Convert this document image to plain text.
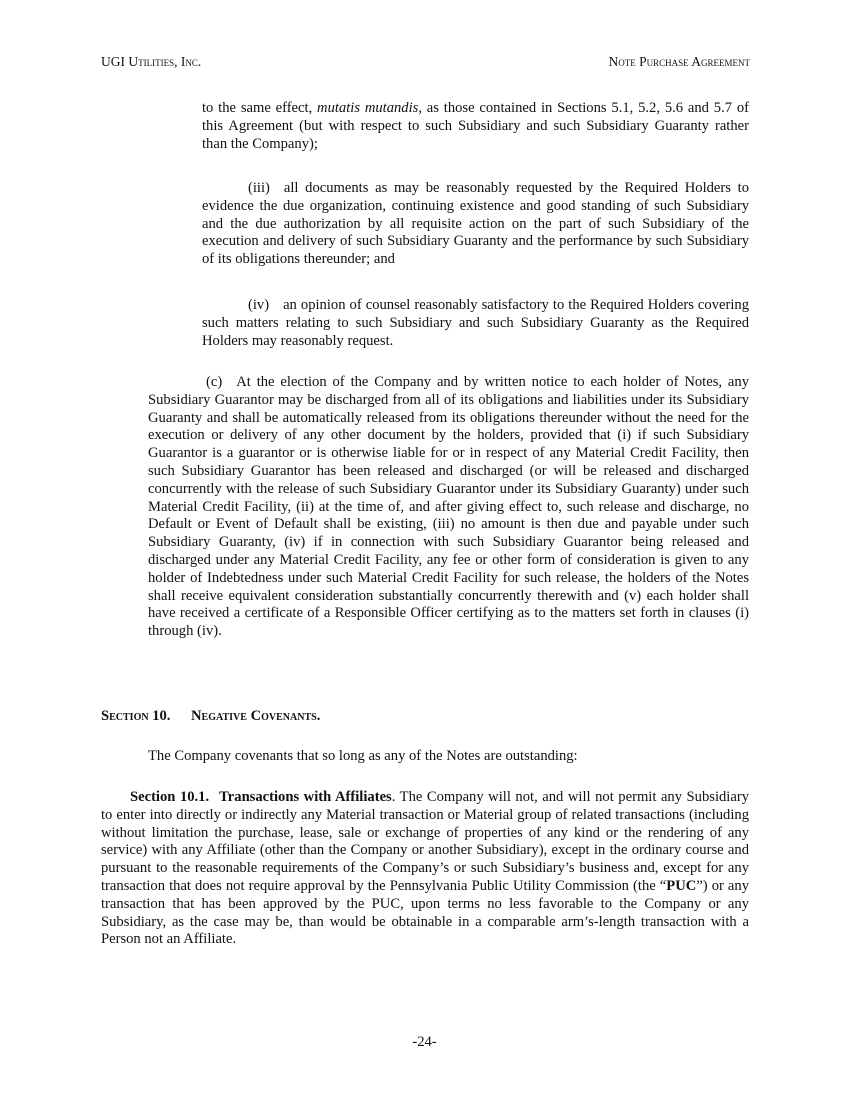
UGI Utilities, Inc.	Note Purchase Agreement
to the same effect, mutatis mutandis, as those contained in Sections 5.1, 5.2, 5.6 and 5.7 of this Agreement (but with respect to such Subsidiary and such Subsidiary Guaranty rather than the Company);
(iii) all documents as may be reasonably requested by the Required Holders to evidence the due organization, continuing existence and good standing of such Subsidiary and the due authorization by all requisite action on the part of such Subsidiary of the execution and delivery of such Subsidiary Guaranty and the performance by such Subsidiary of its obligations thereunder; and
(iv) an opinion of counsel reasonably satisfactory to the Required Holders covering such matters relating to such Subsidiary and such Subsidiary Guaranty as the Required Holders may reasonably request.
(c) At the election of the Company and by written notice to each holder of Notes, any Subsidiary Guarantor may be discharged from all of its obligations and liabilities under its Subsidiary Guaranty and shall be automatically released from its obligations thereunder without the need for the execution or delivery of any other document by the holders, provided that (i) if such Subsidiary Guarantor is a guarantor or is otherwise liable for or in respect of any Material Credit Facility, then such Subsidiary Guarantor has been released and discharged (or will be released and discharged concurrently with the release of such Subsidiary Guarantor under its Subsidiary Guaranty) under such Material Credit Facility, (ii) at the time of, and after giving effect to, such release and discharge, no Default or Event of Default shall be existing, (iii) no amount is then due and payable under such Subsidiary Guaranty, (iv) if in connection with such Subsidiary Guarantor being released and discharged under any Material Credit Facility, any fee or other form of consideration is given to any holder of Indebtedness under such Material Credit Facility for such release, the holders of the Notes shall receive equivalent consideration substantially concurrently therewith and (v) each holder shall have received a certificate of a Responsible Officer certifying as to the matters set forth in clauses (i) through (iv).
Section 10. Negative Covenants.
The Company covenants that so long as any of the Notes are outstanding:
Section 10.1. Transactions with Affiliates. The Company will not, and will not permit any Subsidiary to enter into directly or indirectly any Material transaction or Material group of related transactions (including without limitation the purchase, lease, sale or exchange of properties of any kind or the rendering of any service) with any Affiliate (other than the Company or another Subsidiary), except in the ordinary course and pursuant to the reasonable requirements of the Company’s or such Subsidiary’s business and, except for any transaction that does not require approval by the Pennsylvania Public Utility Commission (the “PUC”) or any transaction that has been approved by the PUC, upon terms no less favorable to the Company or any Subsidiary, as the case may be, than would be obtainable in a comparable arm’s-length transaction with a Person not an Affiliate.
-24-
